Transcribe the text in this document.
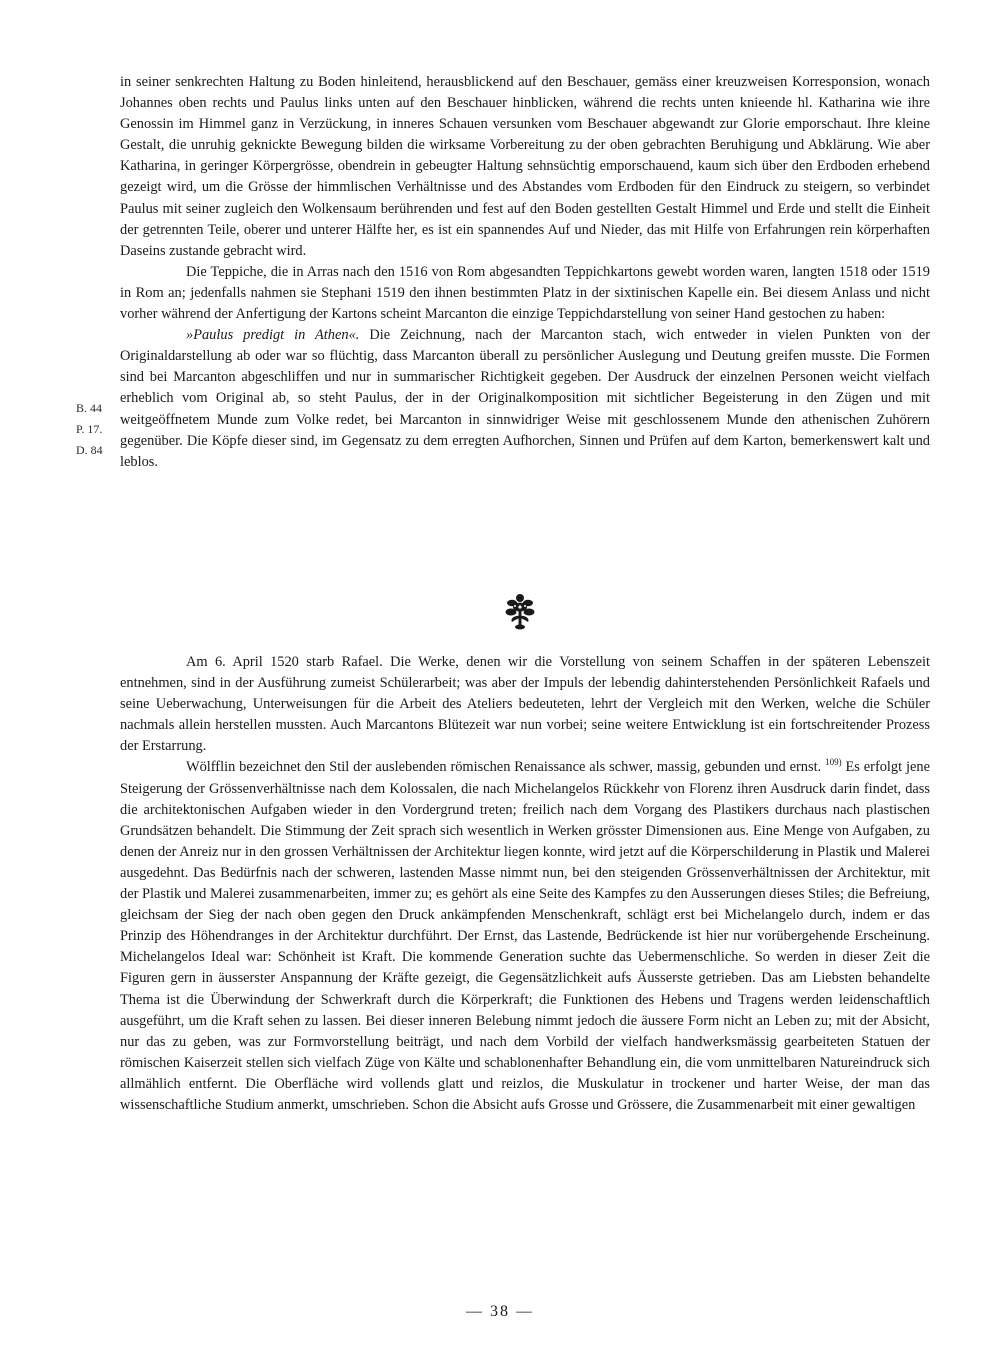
in seiner senkrechten Haltung zu Boden hinleitend, herausblickend auf den Beschauer, gemäss einer kreuzweisen Korresponsion, wonach Johannes oben rechts und Paulus links unten auf den Beschauer hinblicken, während die rechts unten knieende hl. Katharina wie ihre Genossin im Himmel ganz in Verzückung, in inneres Schauen versunken vom Beschauer abgewandt zur Glorie emporschaut. Ihre kleine Gestalt, die unruhig geknickte Bewegung bilden die wirksame Vorbereitung zu der oben gebrachten Beruhigung und Abklärung. Wie aber Katharina, in geringer Körpergrösse, obendrein in gebeugter Haltung sehnsüchtig emporschauend, kaum sich über den Erdboden erhebend gezeigt wird, um die Grösse der himmlischen Verhältnisse und des Abstandes vom Erdboden für den Eindruck zu steigern, so verbindet Paulus mit seiner zugleich den Wolkensaum berührenden und fest auf den Boden gestellten Gestalt Himmel und Erde und stellt die Einheit der getrennten Teile, oberer und unterer Hälfte her, es ist ein spannendes Auf und Nieder, das mit Hilfe von Erfahrungen rein körperhaften Daseins zustande gebracht wird.

Die Teppiche, die in Arras nach den 1516 von Rom abgesandten Teppichkartons gewebt worden waren, langten 1518 oder 1519 in Rom an; jedenfalls nahmen sie Stephani 1519 den ihnen bestimmten Platz in der sixtinischen Kapelle ein. Bei diesem Anlass und nicht vorher während der Anfertigung der Kartons scheint Marcanton die einzige Teppichdarstellung von seiner Hand gestochen zu haben:

»Paulus predigt in Athen«. Die Zeichnung, nach der Marcanton stach, wich entweder in vielen Punkten von der Originaldarstellung ab oder war so flüchtig, dass Marcanton überall zu persönlicher Auslegung und Deutung greifen musste. Die Formen sind bei Marcanton abgeschliffen und nur in summarischer Richtigkeit gegeben. Der Ausdruck der einzelnen Personen weicht vielfach erheblich vom Original ab, so steht Paulus, der in der Originalkomposition mit sichtlicher Begeisterung in den Zügen und mit weitgeöffnetem Munde zum Volke redet, bei Marcanton in sinnwidriger Weise mit geschlossenem Munde den athenischen Zuhörern gegenüber. Die Köpfe dieser sind, im Gegensatz zu dem erregten Aufhorchen, Sinnen und Prüfen auf dem Karton, bemerkenswert kalt und leblos.

B. 44
P. 17.
D. 84

Am 6. April 1520 starb Rafael. Die Werke, denen wir die Vorstellung von seinem Schaffen in der späteren Lebenszeit entnehmen, sind in der Ausführung zumeist Schülerarbeit; was aber der Impuls der lebendig dahinterstehenden Persönlichkeit Rafaels und seine Ueberwachung, Unterweisungen für die Arbeit des Ateliers bedeuteten, lehrt der Vergleich mit den Werken, welche die Schüler nachmals allein herstellen mussten. Auch Marcantons Blütezeit war nun vorbei; seine weitere Entwicklung ist ein fortschreitender Prozess der Erstarrung.

Wölfflin bezeichnet den Stil der auslebenden römischen Renaissance als schwer, massig, gebunden und ernst. $^{109)}$ Es erfolgt jene Steigerung der Grössenverhältnisse nach dem Kolossalen, die nach Michelangelos Rückkehr von Florenz ihren Ausdruck darin findet, dass die architektonischen Aufgaben wieder in den Vordergrund treten; freilich nach dem Vorgang des Plastikers durchaus nach plastischen Grundsätzen behandelt. Die Stimmung der Zeit sprach sich wesentlich in Werken grösster Dimensionen aus. Eine Menge von Aufgaben, zu denen der Anreiz nur in den grossen Verhältnissen der Architektur liegen konnte, wird jetzt auf die Körperschilderung in Plastik und Malerei ausgedehnt. Das Bedürfnis nach der schweren, lastenden Masse nimmt nun, bei den steigenden Grössenverhältnissen der Architektur, mit der Plastik und Malerei zusammenarbeiten, immer zu; es gehört als eine Seite des Kampfes zu den Ausserungen dieses Stiles; die Befreiung, gleichsam der Sieg der nach oben gegen den Druck ankämpfenden Menschenkraft, schlägt erst bei Michelangelo durch, indem er das Prinzip des Höhendranges in der Architektur durchführt. Der Ernst, das Lastende, Bedrückende ist hier nur vorübergehende Erscheinung. Michelangelos Ideal war: Schönheit ist Kraft. Die kommende Generation suchte das Uebermenschliche. So werden in dieser Zeit die Figuren gern in äusserster Anspannung der Kräfte gezeigt, die Gegensätzlichkeit aufs Äusserste getrieben. Das am Liebsten behandelte Thema ist die Überwindung der Schwerkraft durch die Körperkraft; die Funktionen des Hebens und Tragens werden leidenschaftlich ausgeführt, um die Kraft sehen zu lassen. Bei dieser inneren Belebung nimmt jedoch die äussere Form nicht an Leben zu; mit der Absicht, nur das zu geben, was zur Formvorstellung beiträgt, und nach dem Vorbild der vielfach handwerksmässig gearbeiteten Statuen der römischen Kaiserzeit stellen sich vielfach Züge von Kälte und schablonenhafter Behandlung ein, die vom unmittelbaren Natureindruck sich allmählich entfernt. Die Oberfläche wird vollends glatt und reizlos, die Muskulatur in trockener und harter Weise, der man das wissenschaftliche Studium anmerkt, umschrieben. Schon die Absicht aufs Grosse und Grössere, die Zusammenarbeit mit einer gewaltigen

— 38 —
